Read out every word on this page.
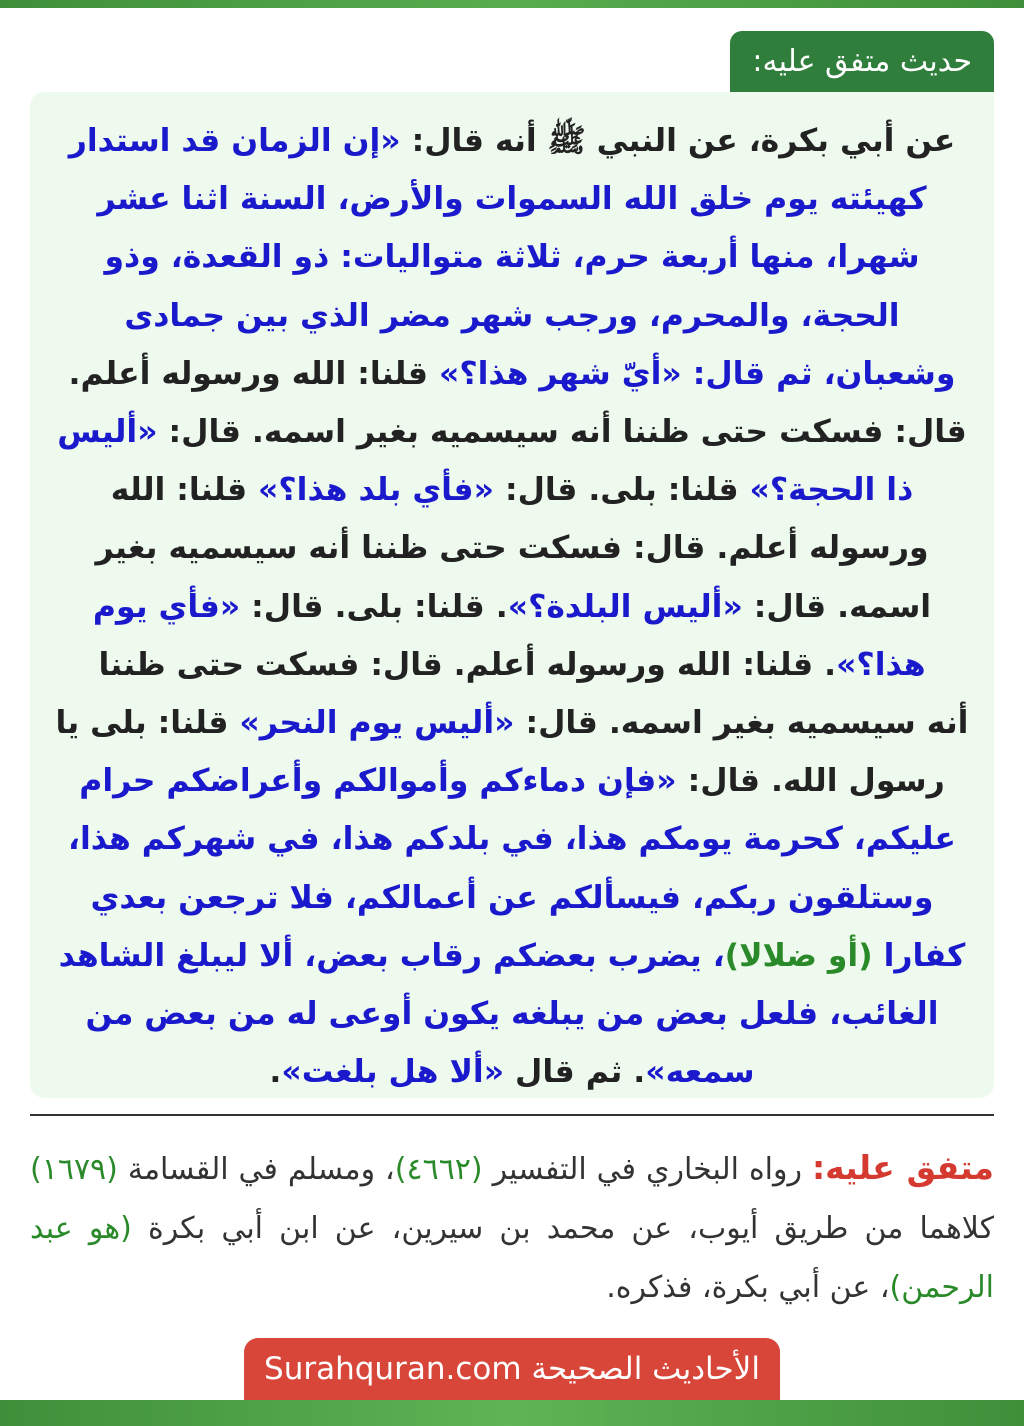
حديث متفق عليه:

عن أبي بكرة، عن النبي ﷺ أنه قال: «إن الزمان قد استدار كهيئته يوم خلق الله السموات والأرض، السنة اثنا عشر شهرا، منها أربعة حرم، ثلاثة متواليات: ذو القعدة، وذو الحجة، والمحرم، ورجب شهر مضر الذي بين جمادى وشعبان، ثم قال: «أيّ شهر هذا؟» قلنا: الله ورسوله أعلم. قال: فسكت حتى ظننا أنه سيسميه بغير اسمه. قال: «أليس ذا الحجة؟» قلنا: بلى. قال: «فأي بلد هذا؟» قلنا: الله ورسوله أعلم. قال: فسكت حتى ظننا أنه سيسميه بغير اسمه. قال: «أليس البلدة؟». قلنا: بلى. قال: «فأي يوم هذا؟». قلنا: الله ورسوله أعلم. قال: فسكت حتى ظننا
أنه سيسميه بغير اسمه. قال: «أليس يوم النحر» قلنا: بلى يا رسول الله. قال: «فإن دماءكم وأموالكم وأعراضكم حرام عليكم، كحرمة يومكم هذا، في بلدكم هذا، في شهركم هذا، وستلقون ربكم، فيسألكم عن أعمالكم، فلا ترجعن بعدي كفارا (أو ضلالا)، يضرب بعضكم رقاب بعض، ألا ليبلغ الشاهد الغائب، فلعل بعض من يبلغه يكون أوعى له من بعض من سمعه». ثم قال «ألا هل بلغت».

متفق عليه: رواه البخاري في التفسير (٤٦٦٢)، ومسلم في القسامة (١٦٧٩) كلاهما من طريق أيوب، عن محمد بن سيرين، عن ابن أبي بكرة (هو عبد الرحمن)، عن أبي بكرة، فذكره.

الأحاديث الصحيحة Surahquran.com
